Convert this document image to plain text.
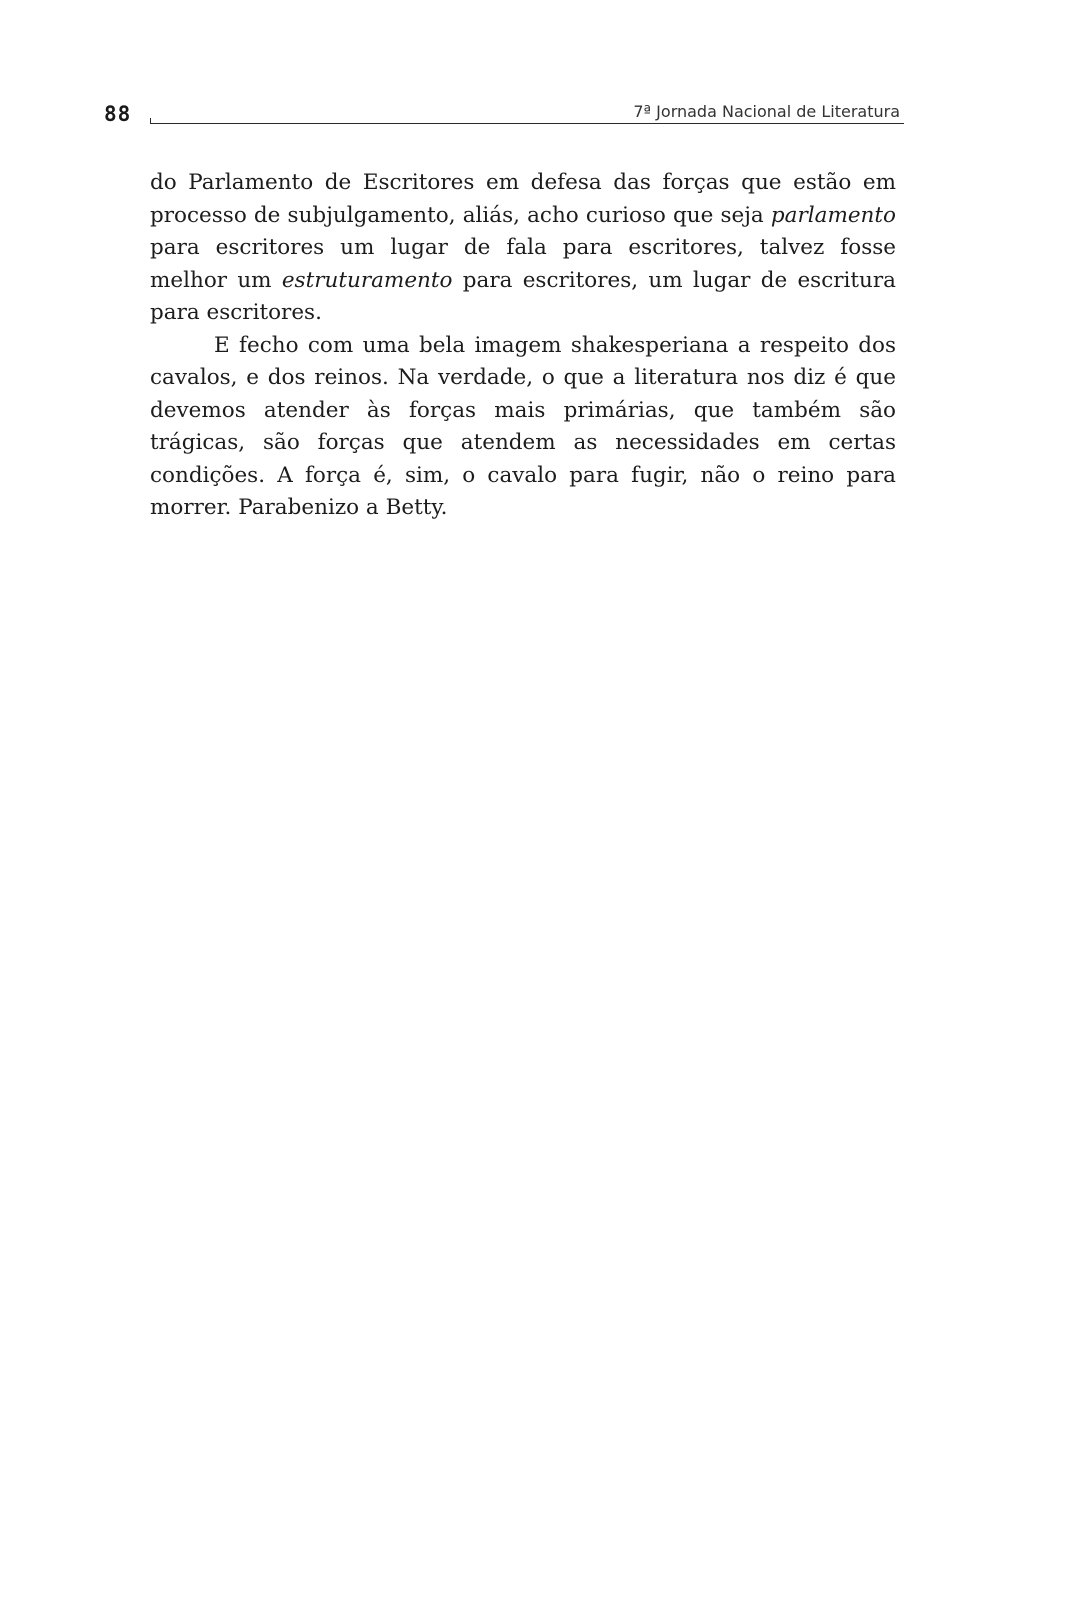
88	7ª Jornada Nacional de Literatura

do Parlamento de Escritores em defesa das forças que estão em processo de subjulgamento, aliás, acho curioso que seja parlamento para escritores um lugar de fala para escritores, talvez fosse melhor um estruturamento para escritores, um lugar de escritura para escritores.

E fecho com uma bela imagem shakesperiana a respeito dos cavalos, e dos reinos. Na verdade, o que a literatura nos diz é que devemos atender às forças mais primárias, que também são trágicas, são forças que atendem as necessidades em certas condições. A força é, sim, o cavalo para fugir, não o reino para morrer. Parabenizo a Betty.
